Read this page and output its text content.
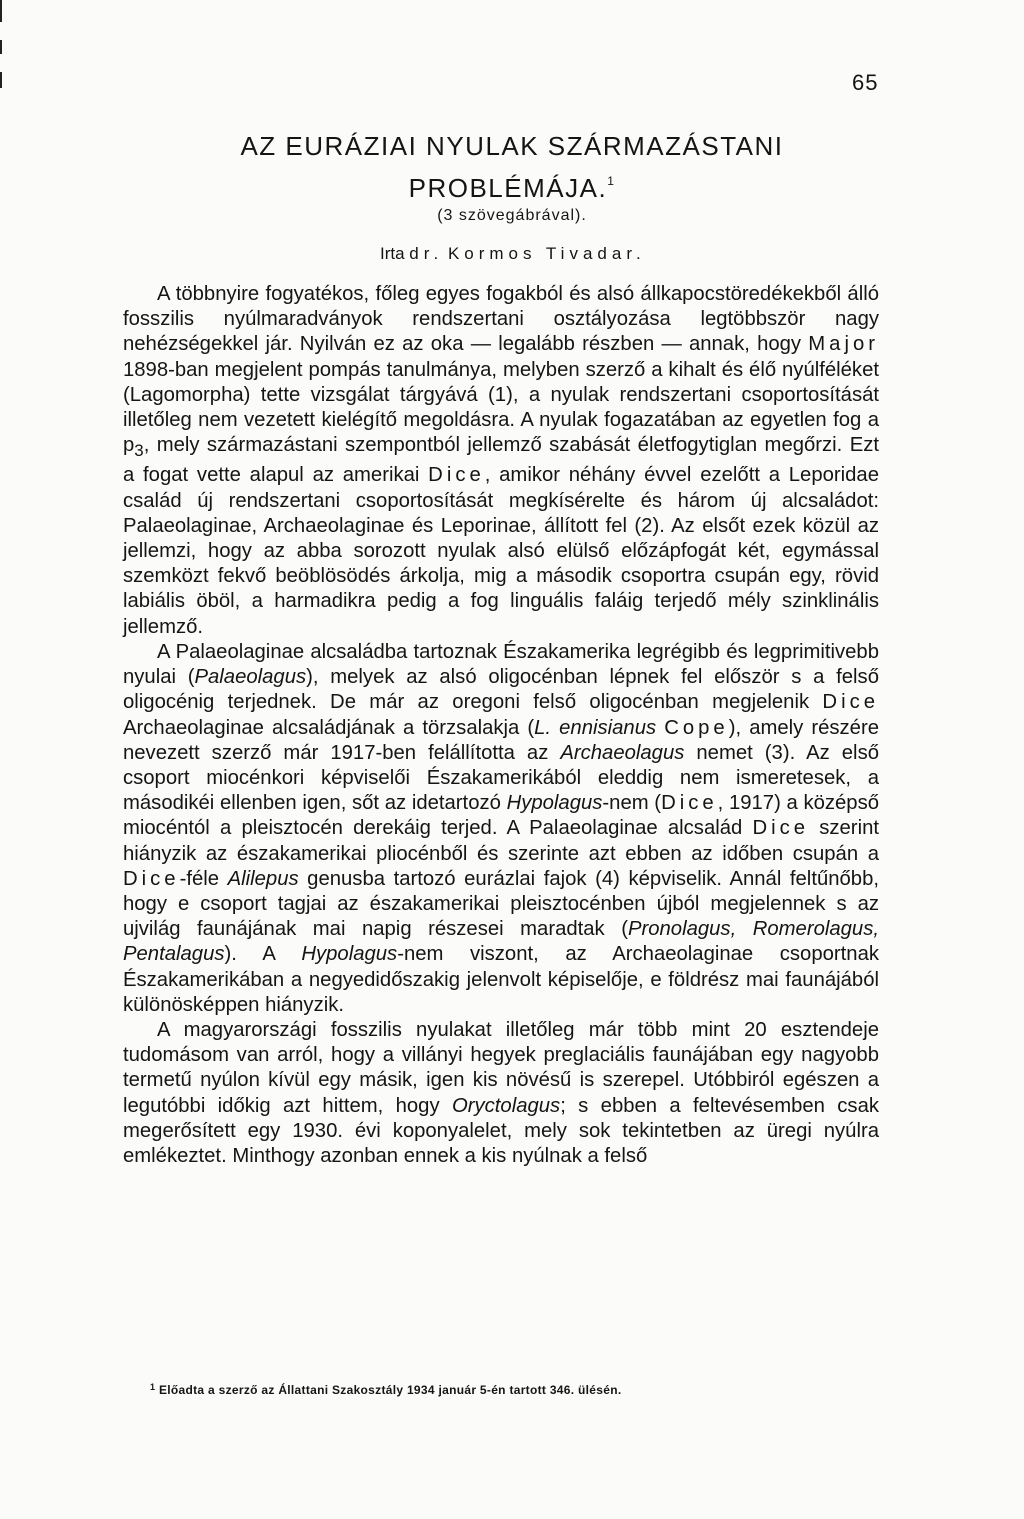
65
AZ EURÁZIAI NYULAK SZÁRMAZÁSTANI
PROBLÉMÁJA.$^1$
(3 szövegábrával).
Irta dr. Kormos Tivadar.

A többnyire fogyatékos, főleg egyes fogakból és alsó állkapocstöredékekből álló fosszilis nyúlmaradványok rendszertani osztályozása legtöbbször nagy nehézségekkel jár. Nyilván ez az oka — legalább részben — annak, hogy Major 1898-ban megjelent pompás tanulmánya, melyben szerző a kihalt és élő nyúlféléket (Lagomorpha) tette vizsgálat tárgyává (1), a nyulak rendszertani csoportosítását illetőleg nem vezetett kielégítő megoldásra. A nyulak fogazatában az egyetlen fog a $p_3$, mely származástani szempontból jellemző szabását életfogytiglan megőrzi. Ezt a fogat vette alapul az amerikai Dice, amikor néhány évvel ezelőtt a Leporidae család új rendszertani csoportosítását megkísérelte és három új alcsaládot: Palaeolaginae, Archaeolaginae és Leporinae, állított fel (2). Az elsőt ezek közül az jellemzi, hogy az abba sorozott nyulak alsó elülső előzápfogát két, egymással szemközt fekvő beöblösödés árkolja, mig a második csoportra csupán egy, rövid labiális öböl, a harmadikra pedig a fog linguális faláig terjedő mély szinklinális jellemző.

A Palaeolaginae alcsaládba tartoznak Északamerika legrégibb és legprimitivebb nyulai (Palaeolagus), melyek az alsó oligocénban lépnek fel először s a felső oligocénig terjednek. De már az oregoni felső oligocénban megjelenik Dice Archaeolaginae alcsaládjának a törzsalakja (L. ennisianus Cope), amely részére nevezett szerző már 1917-ben felállította az Archaeolagus nemet (3). Az első csoport miocénkori képviselői Északamerikából eleddig nem ismeretesek, a másodikéi ellenben igen, sőt az idetartozó Hypolagus-nem (Dice, 1917) a középső miocéntól a pleisztocén derekáig terjed. A Palaeolaginae alcsalád Dice szerint hiányzik az északamerikai pliocénből és szerinte azt ebben az időben csupán a Dice-féle Alilepus genusba tartozó eurázlai fajok (4) képviselik. Annál feltűnőbb, hogy e csoport tagjai az északamerikai pleisztocénben újból megjelennek s az ujvilág faunájának mai napig részesei maradtak (Pronolagus, Romerolagus, Pentalagus). A Hypolagus-nem viszont, az Archaeolaginae csoportnak Északamerikában a negyedidőszakig jelenvolt képiselője, e földrész mai faunájából különösképpen hiányzik.

A magyarországi fosszilis nyulakat illetőleg már több mint 20 esztendeje tudomásom van arról, hogy a villányi hegyek preglaciális faunájában egy nagyobb termetű nyúlon kívül egy másik, igen kis növésű is szerepel. Utóbbiról egészen a legutóbbi időkig azt hittem, hogy Oryctolagus; s ebben a feltevésemben csak megerősített egy 1930. évi koponyalelet, mely sok tekintetben az üregi nyúlra emlékeztet. Minthogy azonban ennek a kis nyúlnak a felső

$^1$ Előadta a szerző az Állattani Szakosztály 1934 január 5-én tartott 346. ülésén.
